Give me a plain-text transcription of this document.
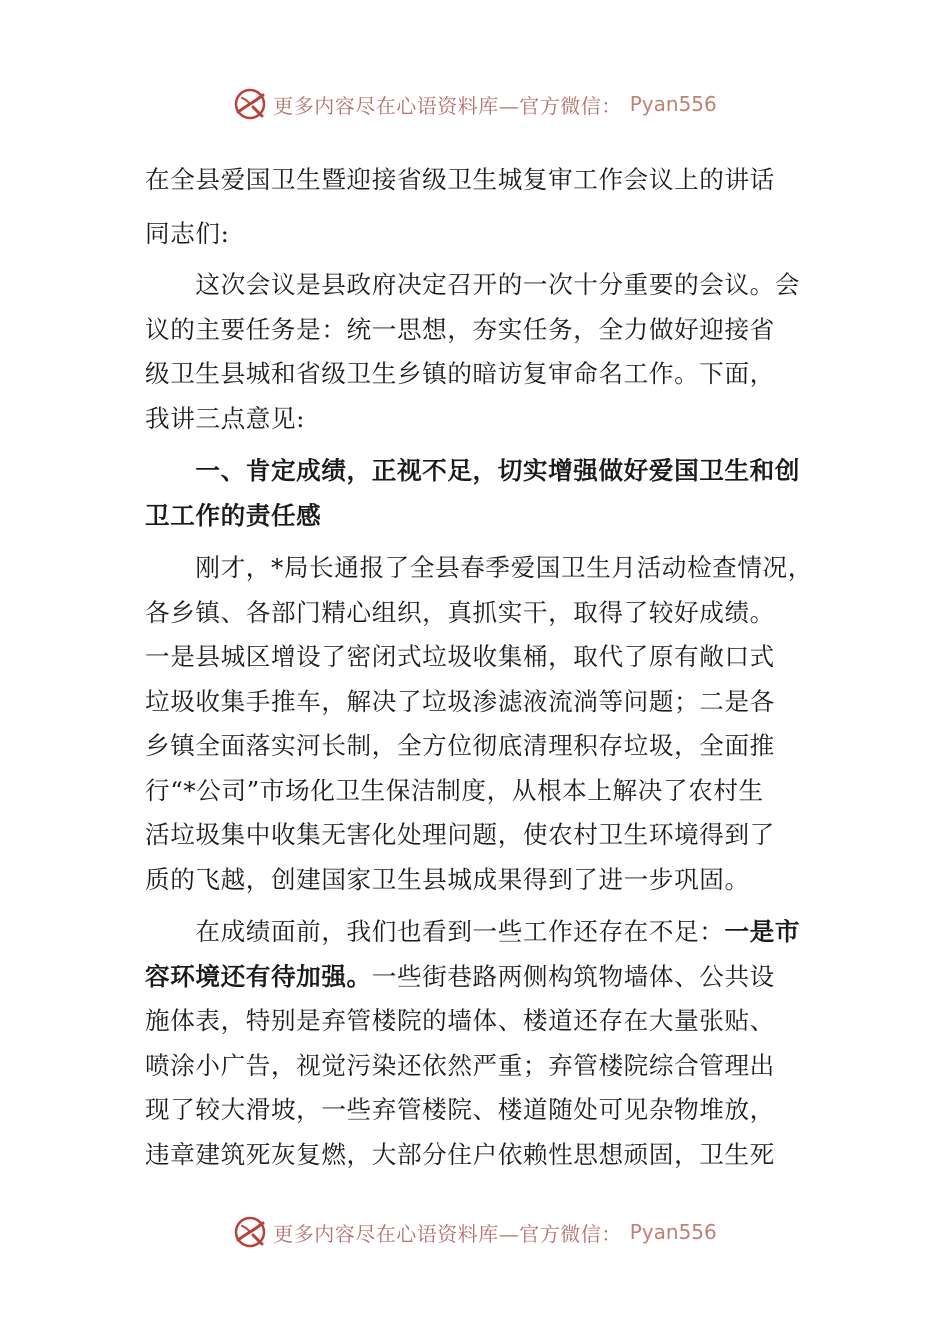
更多内容尽在心语资料库—官方微信： Pyan556
在全县爱国卫生暨迎接省级卫生城复审工作会议上的讲话
同志们:
　　这次会议是县政府决定召开的一次十分重要的会议。会
议的主要任务是：统一思想，夯实任务，全力做好迎接省
级卫生县城和省级卫生乡镇的暗访复审命名工作。下面，
我讲三点意见:
　　一、肯定成绩，正视不足，切实增强做好爱国卫生和创
卫工作的责任感
　　刚才，*局长通报了全县春季爱国卫生月活动检查情况，
各乡镇、各部门精心组织，真抓实干，取得了较好成绩。
一是县城区增设了密闭式垃圾收集桶，取代了原有敞口式
垃圾收集手推车，解决了垃圾渗滤液流淌等问题；二是各
乡镇全面落实河长制，全方位彻底清理积存垃圾，全面推
行“*公司”市场化卫生保洁制度，从根本上解决了农村生
活垃圾集中收集无害化处理问题，使农村卫生环境得到了
质的飞越，创建国家卫生县城成果得到了进一步巩固。
　　在成绩面前，我们也看到一些工作还存在不足：一是市
容环境还有待加强。一些街巷路两侧构筑物墙体、公共设
施体表，特别是弃管楼院的墙体、楼道还存在大量张贴、
喷涂小广告，视觉污染还依然严重；弃管楼院综合管理出
现了较大滑坡，一些弃管楼院、楼道随处可见杂物堆放，
违章建筑死灰复燃，大部分住户依赖性思想顽固，卫生死
更多内容尽在心语资料库—官方微信： Pyan556
